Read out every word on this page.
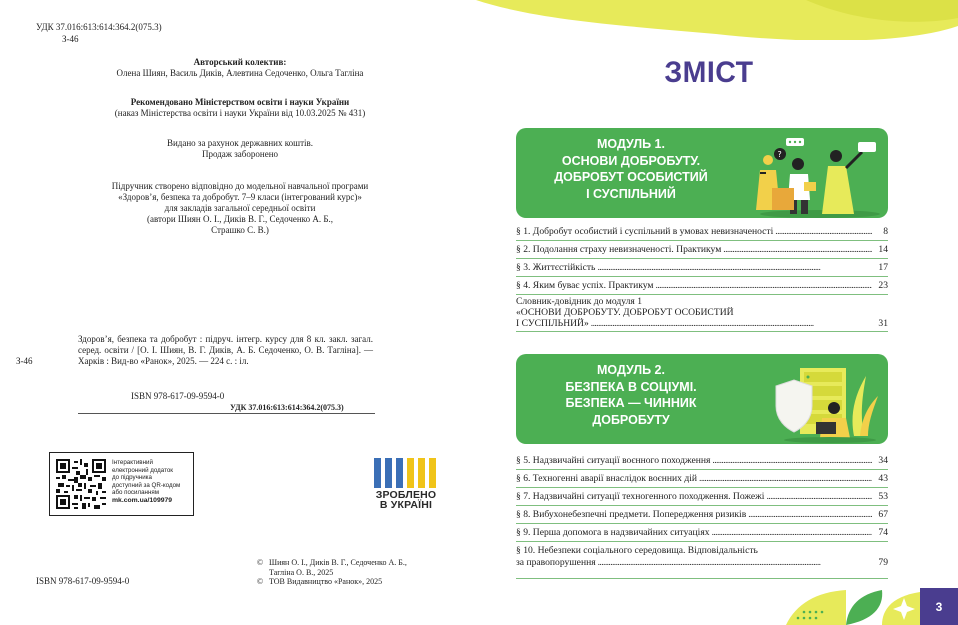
УДК 37.016:613:614:364.2(075.3)
З-46
Авторський колектив:
Олена Шиян, Василь Диків, Алевтина Седоченко, Ольга Тагліна
Рекомендовано Міністерством освіти і науки України
(наказ Міністерства освіти і науки України від 10.03.2025 № 431)
Видано за рахунок державних коштів.
Продаж заборонено
Підручник створено відповідно до модельної навчальної програми
«Здоров’я, безпека та добробут. 7–9 класи (інтегрований курс)»
для закладів загальної середньої освіти
(автори Шиян О. І., Диків В. Г., Седоченко А. Б.,
Страшко С. В.)
З-46
Здоров’я, безпека та добробут : підруч. інтегр. курсу для 8 кл. закл. загал. серед. освіти / [О. І. Шиян, В. Г. Диків, А. Б. Седоченко, О. В. Тагліна]. — Харків : Вид-во «Ранок», 2025. — 224 с. : іл.
ISBN 978-617-09-9594-0
УДК 37.016:613:614:364.2(075.3)
Інтерактивний
електронний додаток
до підручника
доступний за QR-кодом
або посиланням
mk.com.ua/109979	ЗРОБЛЕНО
В УКРАЇНІ
ISBN 978-617-09-9594-0
© Шиян О. І., Диків В. Г., Седоченко А. Б.,
Тагліна О. В., 2025
© ТОВ Видавництво «Ранок», 2025
ЗМІСТ
МОДУЛЬ 1.
ОСНОВИ ДОБРОБУТУ.
ДОБРОБУТ ОСОБИСТИЙ
І СУСПІЛЬНИЙ
?
§ 1. Добробут особистий і суспільний в умовах невизначеності . . .	8
§ 2. Подолання страху невизначеності. Практикум . . .	14
§ 3. Життєстійкість . . .	17
§ 4. Яким буває успіх. Практикум . . .	23
Словник-довідник до модуля 1
«ОСНОВИ ДОБРОБУТУ. ДОБРОБУТ ОСОБИСТИЙ
І СУСПІЛЬНИЙ» . . .	31
МОДУЛЬ 2.
БЕЗПЕКА В СОЦІУМІ.
БЕЗПЕКА — ЧИННИК
ДОБРОБУТУ
§ 5. Надзвичайні ситуації воєнного походження . . .	34
§ 6. Техногенні аварії внаслідок воєнних дій . . .	43
§ 7. Надзвичайні ситуації техногенного походження. Пожежі . . .	53
§ 8. Вибухонебезпечні предмети. Попередження ризиків . . .	67
§ 9. Перша допомога в надзвичайних ситуаціях . . .	74
§ 10. Небезпеки соціального середовища. Відповідальність
за правопорушення . . .	79
3
